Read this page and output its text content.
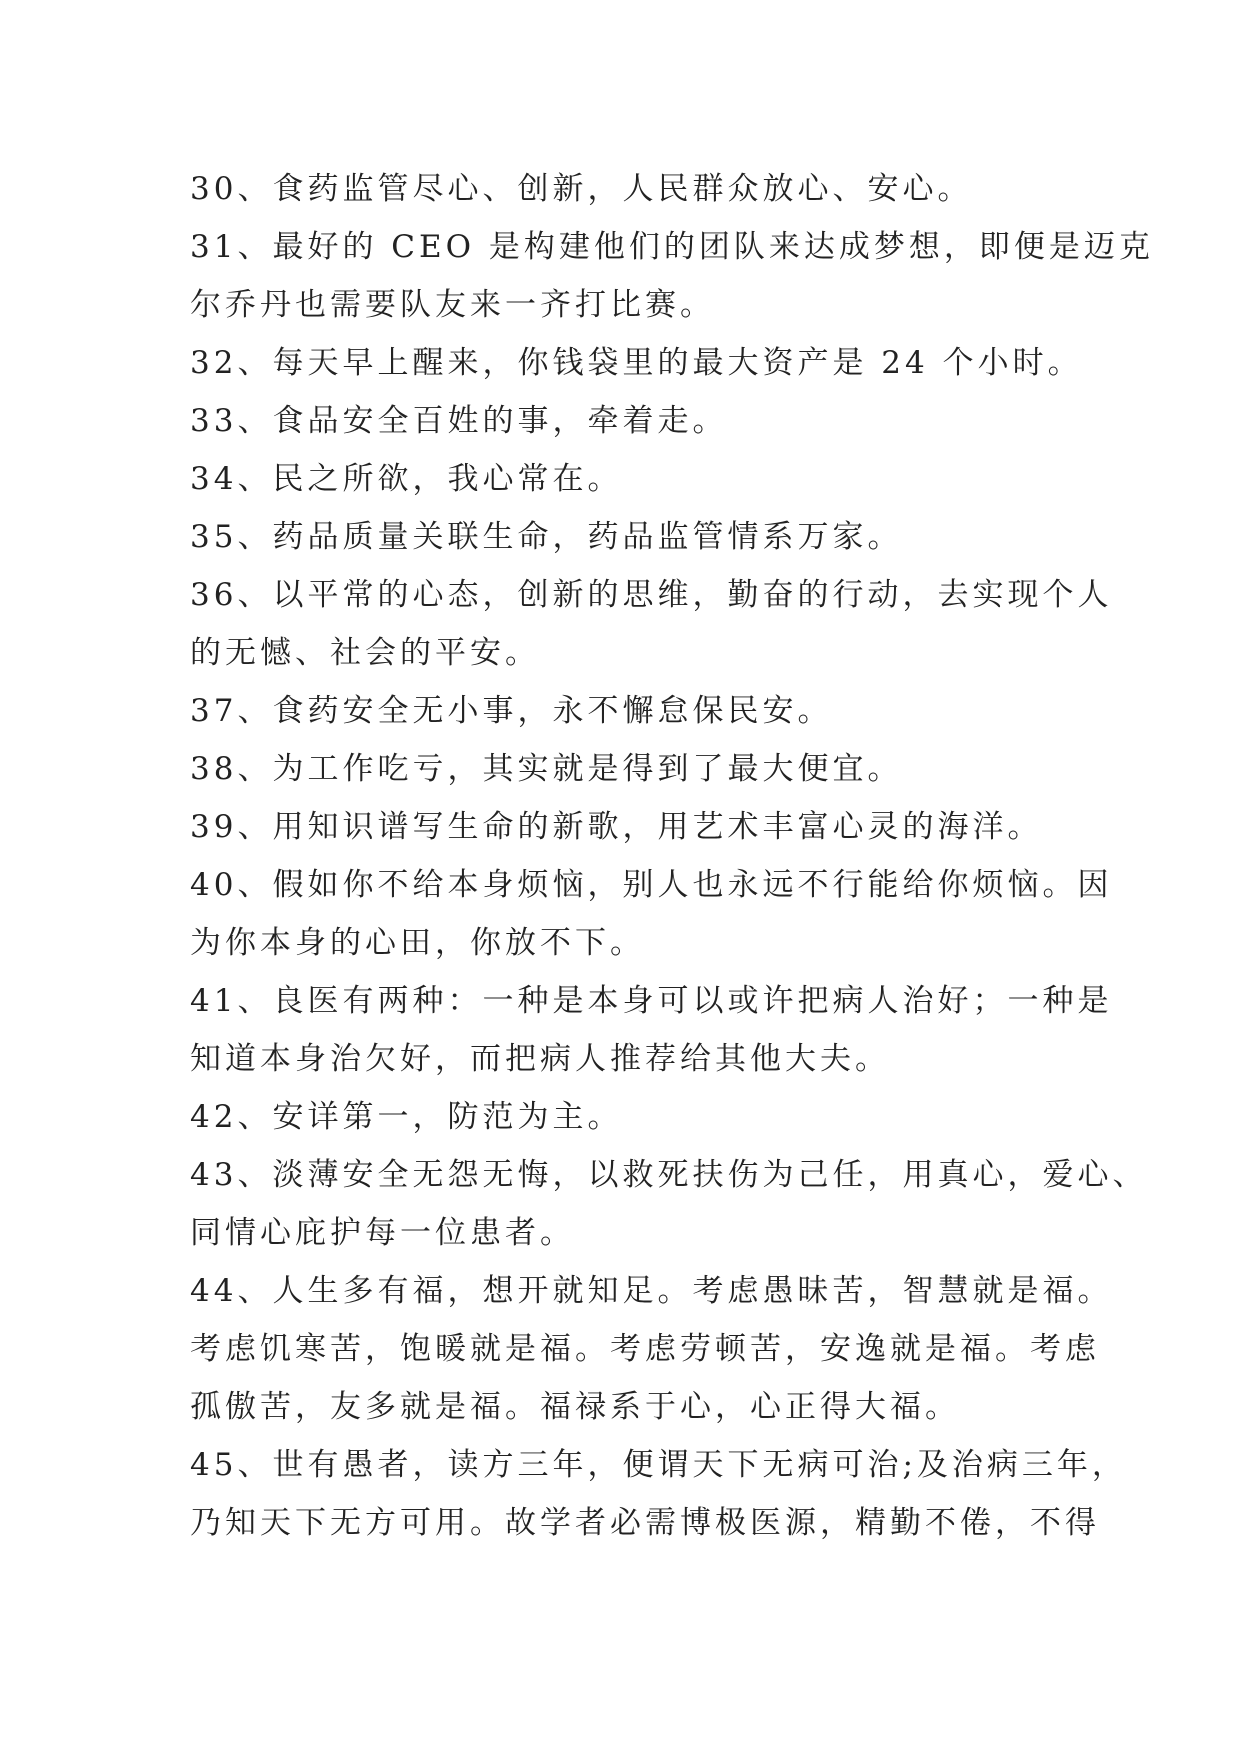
30、食药监管尽心、创新，人民群众放心、安心。
31、最好的 CEO 是构建他们的团队来达成梦想，即便是迈克
尔乔丹也需要队友来一齐打比赛。
32、每天早上醒来，你钱袋里的最大资产是 24 个小时。
33、食品安全百姓的事，牵着走。
34、民之所欲，我心常在。
35、药品质量关联生命，药品监管情系万家。
36、以平常的心态，创新的思维，勤奋的行动，去实现个人
的无憾、社会的平安。
37、食药安全无小事，永不懈怠保民安。
38、为工作吃亏，其实就是得到了最大便宜。
39、用知识谱写生命的新歌，用艺术丰富心灵的海洋。
40、假如你不给本身烦恼，别人也永远不行能给你烦恼。因
为你本身的心田，你放不下。
41、良医有两种：一种是本身可以或许把病人治好；一种是
知道本身治欠好，而把病人推荐给其他大夫。
42、安详第一，防范为主。
43、淡薄安全无怨无悔，以救死扶伤为己任，用真心，爱心、
同情心庇护每一位患者。
44、人生多有福，想开就知足。考虑愚昧苦，智慧就是福。
考虑饥寒苦，饱暖就是福。考虑劳顿苦，安逸就是福。考虑
孤傲苦，友多就是福。福禄系于心，心正得大福。
45、世有愚者，读方三年，便谓天下无病可治;及治病三年，
乃知天下无方可用。故学者必需博极医源，精勤不倦，不得
